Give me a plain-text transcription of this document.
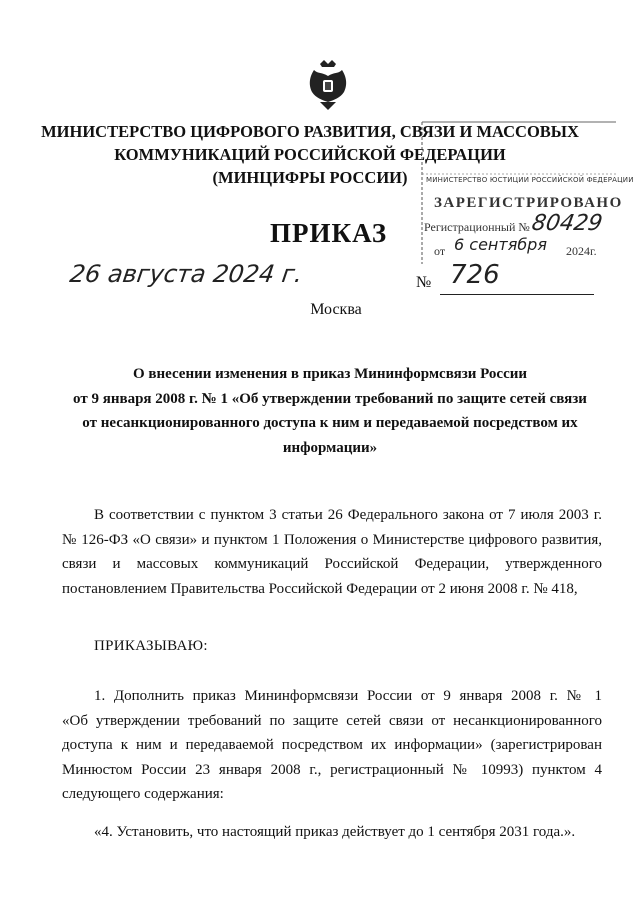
МИНИСТЕРСТВО ЦИФРОВОГО РАЗВИТИЯ, СВЯЗИ И МАССОВЫХ
КОММУНИКАЦИЙ РОССИЙСКОЙ ФЕДЕРАЦИИ
(МИНЦИФРЫ РОССИИ)	МИНИСТЕРСТВО ЮСТИЦИИ РОССИЙСКОЙ ФЕДЕРАЦИИ
ЗАРЕГИСТРИРОВАНО
Регистрационный № 80429
от 6 сентября 2024г.
ПРИКАЗ
26 августа 2024 г.	№ 726
Москва
О внесении изменения в приказ Мининформсвязи России
от 9 января 2008 г. № 1 «Об утверждении требований по защите сетей связи
от несанкционированного доступа к ним и передаваемой посредством их
информации»
В соответствии с пунктом 3 статьи 26 Федерального закона от 7 июля 2003 г.
№ 126-ФЗ «О связи» и пунктом 1 Положения о Министерстве цифрового развития,
связи и массовых коммуникаций Российской Федерации, утвержденного
постановлением Правительства Российской Федерации от 2 июня 2008 г. № 418,
ПРИКАЗЫВАЮ:
1. Дополнить приказ Мининформсвязи России от 9 января 2008 г. № 1
«Об утверждении требований по защите сетей связи от несанкционированного
доступа к ним и передаваемой посредством их информации» (зарегистрирован
Минюстом России 23 января 2008 г., регистрационный № 10993) пунктом 4
следующего содержания:
«4. Установить, что настоящий приказ действует до 1 сентября 2031 года.».
